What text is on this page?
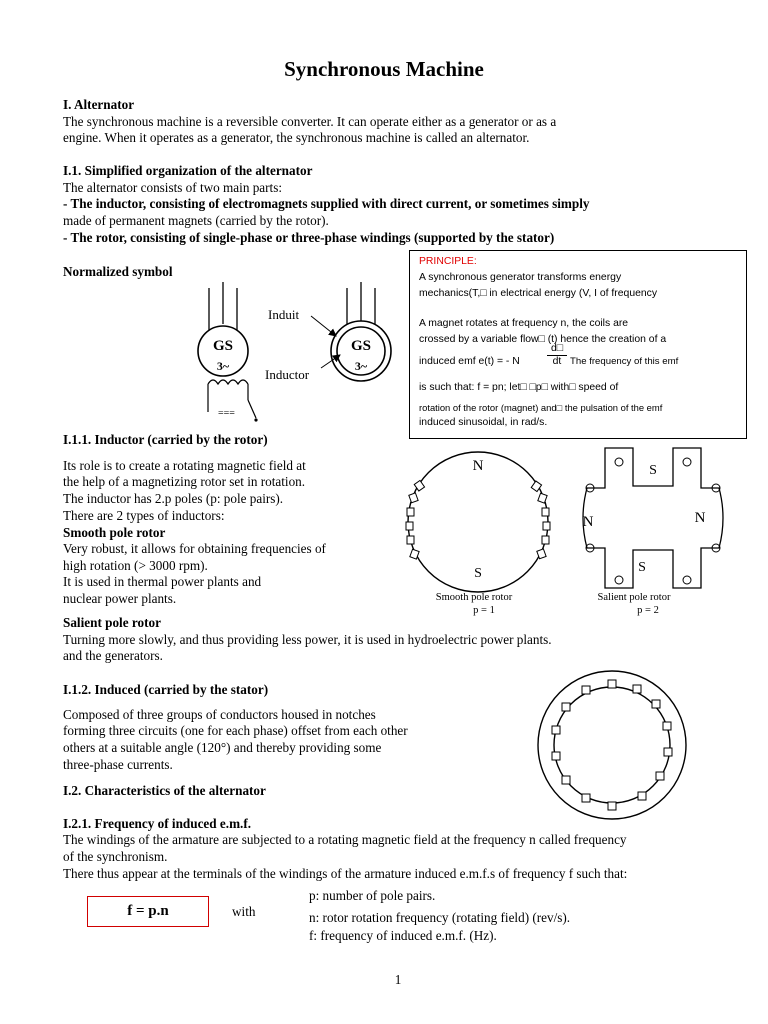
Synchronous Machine
I. Alternator
The synchronous machine is a reversible converter. It can operate either as a generator or as a
engine. When it operates as a generator, the synchronous machine is called an alternator.
I.1. Simplified organization of the alternator
The alternator consists of two main parts:
- The inductor, consisting of electromagnets supplied with direct current, or sometimes simply
made of permanent magnets (carried by the rotor).
- The rotor, consisting of single-phase or three-phase windings (supported by the stator)
Normalized symbol
GS
3~
GS
3~
===
Induit
Inductor
PRINCIPLE:
A synchronous generator transforms energy
mechanics(T,□ in electrical energy (V, I of frequency
A magnet rotates at frequency n, the coils are
crossed by a variable flow□ (t) hence the creation of a
induced emf e(t) = - N	$\frac{d□}{dt}$ The frequency of this emf
is such that: f = pn; let□ □p□ with□ speed of
rotation of the rotor (magnet) and□ the pulsation of the emf
induced sinusoidal, in rad/s.
I.1.1. Inductor (carried by the rotor)
Its role is to create a rotating magnetic field at
the help of a magnetizing rotor set in rotation.
The inductor has 2.p poles (p: pole pairs).
There are 2 types of inductors:
Smooth pole rotor
Very robust, it allows for obtaining frequencies of
high rotation (> 3000 rpm).
It is used in thermal power plants and
nuclear power plants.
Salient pole rotor
Turning more slowly, and thus providing less power, it is used in hydroelectric power plants.
and the generators.
N
S
Smooth pole rotor
p = 1
S
N	N
S
Salient pole rotor
p = 2
I.1.2. Induced (carried by the stator)
Composed of three groups of conductors housed in notches
forming three circuits (one for each phase) offset from each other
others at a suitable angle (120°) and thereby providing some
three-phase currents.
I.2. Characteristics of the alternator
I.2.1. Frequency of induced e.m.f.
The windings of the armature are subjected to a rotating magnetic field at the frequency n called frequency
of the synchronism.
There thus appear at the terminals of the windings of the armature induced e.m.f.s of frequency f such that:
f = p.n	with
p: number of pole pairs.
n: rotor rotation frequency (rotating field) (rev/s).
f: frequency of induced e.m.f. (Hz).
1
